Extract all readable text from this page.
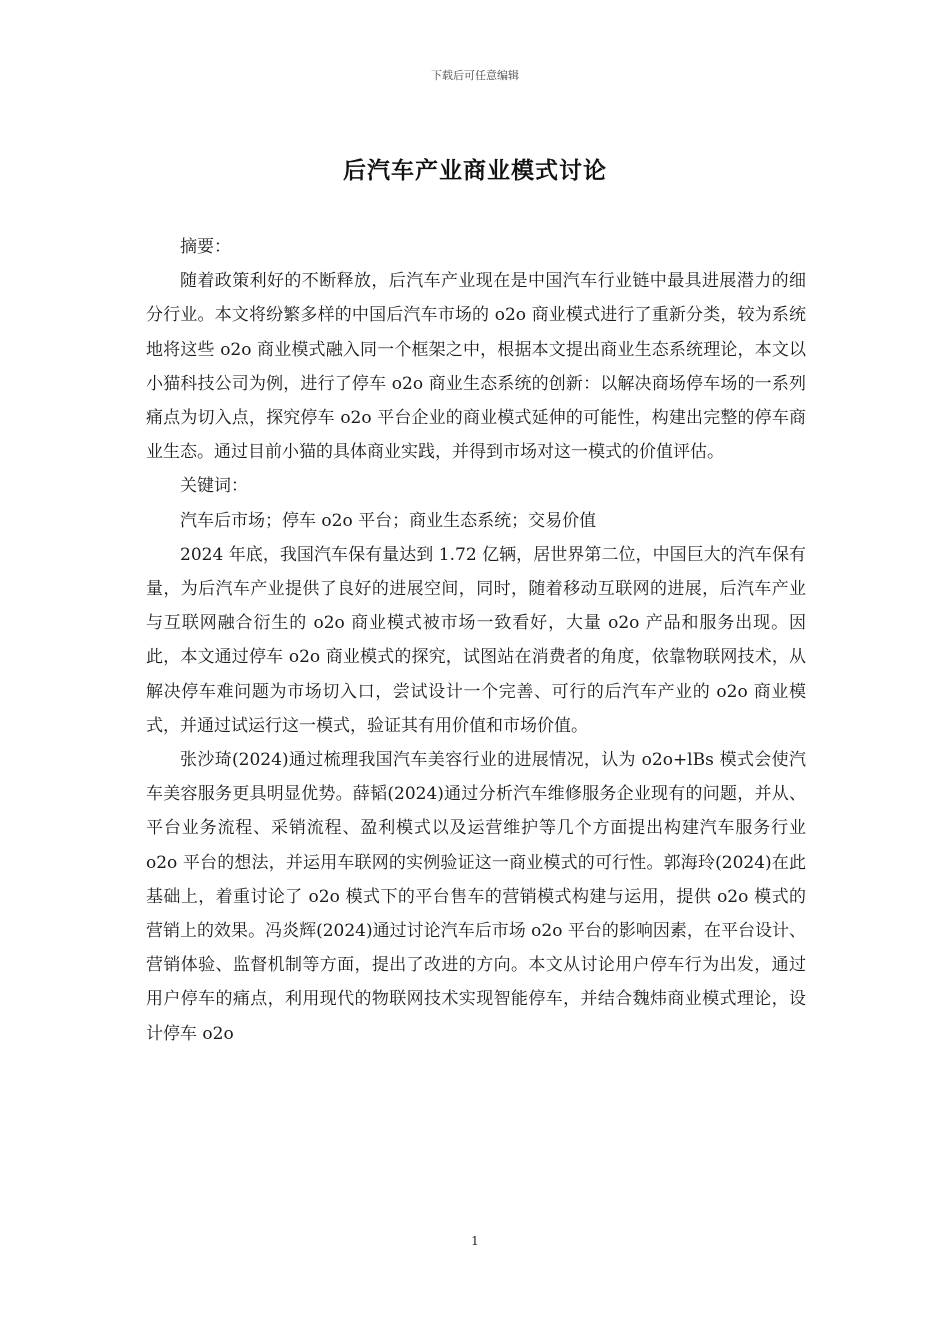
下载后可任意编辑
后汽车产业商业模式讨论

摘要：

随着政策利好的不断释放，后汽车产业现在是中国汽车行业链中最具进展潜力的细分行业。本文将纷繁多样的中国后汽车市场的 o2o 商业模式进行了重新分类，较为系统地将这些 o2o 商业模式融入同一个框架之中，根据本文提出商业生态系统理论，本文以小猫科技公司为例，进行了停车 o2o 商业生态系统的创新：以解决商场停车场的一系列痛点为切入点，探究停车 o2o 平台企业的商业模式延伸的可能性，构建出完整的停车商业生态。通过目前小猫的具体商业实践，并得到市场对这一模式的价值评估。

关键词：

汽车后市场；停车 o2o 平台；商业生态系统；交易价值

2024 年底，我国汽车保有量达到 1.72 亿辆，居世界第二位，中国巨大的汽车保有量，为后汽车产业提供了良好的进展空间，同时，随着移动互联网的进展，后汽车产业与互联网融合衍生的 o2o 商业模式被市场一致看好，大量 o2o 产品和服务出现。因此，本文通过停车 o2o 商业模式的探究，试图站在消费者的角度，依靠物联网技术，从解决停车难问题为市场切入口，尝试设计一个完善、可行的后汽车产业的 o2o 商业模式，并通过试运行这一模式，验证其有用价值和市场价值。

张沙琦(2024)通过梳理我国汽车美容行业的进展情况，认为 o2o+lBs 模式会使汽车美容服务更具明显优势。薛韬(2024)通过分析汽车维修服务企业现有的问题，并从、平台业务流程、采销流程、盈利模式以及运营维护等几个方面提出构建汽车服务行业 o2o 平台的想法，并运用车联网的实例验证这一商业模式的可行性。郭海玲(2024)在此基础上，着重讨论了 o2o 模式下的平台售车的营销模式构建与运用，提供 o2o 模式的营销上的效果。冯炎辉(2024)通过讨论汽车后市场 o2o 平台的影响因素，在平台设计、营销体验、监督机制等方面，提出了改进的方向。本文从讨论用户停车行为出发，通过用户停车的痛点，利用现代的物联网技术实现智能停车，并结合魏炜商业模式理论，设计停车 o2o

1
